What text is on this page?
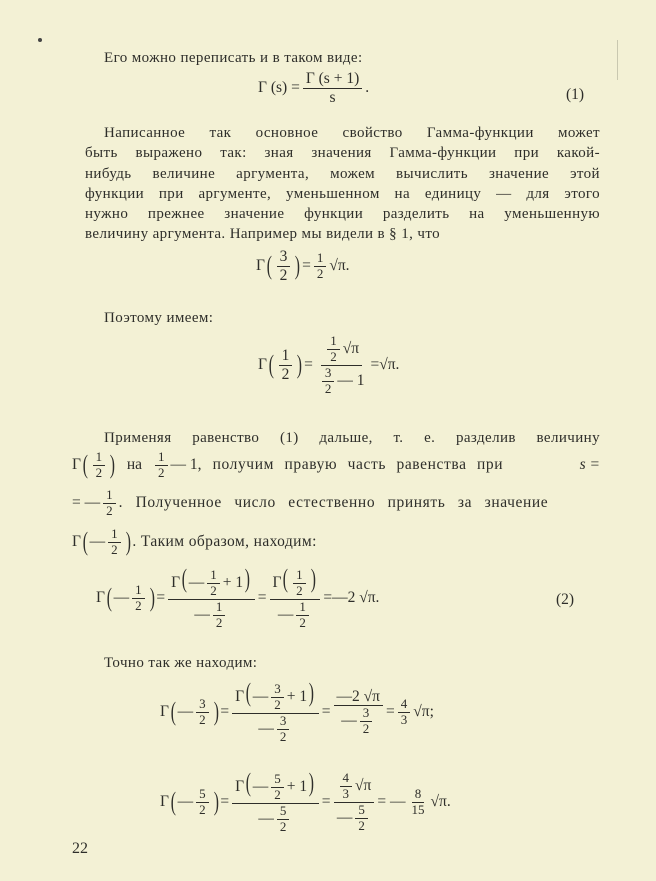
Его можно переписать и в таком виде:
Γ $(s) = \frac{\Gamma (s + 1)}{s}$ .	(1)
Написанное так основное свойство Гамма-функции может
быть выражено так: зная значения Гамма-функции при какой-
нибудь величине аргумента, можем вычислить значение этой
функции при аргументе, уменьшенном на единицу — для этого
нужно прежнее значение функции разделить на уменьшенную
величину аргумента. Например мы видели в § 1, что
Γ ( $\frac{3}{2}$ ) = $\frac{1}{2} √\pi$ .
Поэтому имеем:
Γ ( $\frac{1}{2}$ ) = $\frac{\frac{1}{2} √\pi}{\frac{3}{2} — 1} = √\pi$ .
Применяя равенство (1) дальше, т. е. разделив величину
Γ ( $\frac{1}{2}$ ) на $\frac{1}{2}$ — 1 , получим правую часть равенства при	s =
= — $\frac{1}{2}$ . Полученное число естественно принять за значение
Γ ( — $\frac{1}{2}$ ) . Таким образом, находим:
Γ ( — $\frac{1}{2}$ ) = $\frac{\Gamma( — \frac{1}{2} + 1)}{— \frac{1}{2}} = \frac{\Gamma( \frac{1}{2} )}{— \frac{1}{2}}$ = —2 √π .	(2)
Точно так же находим:
Γ ( — $\frac{3}{2}$ ) = $\frac{\Gamma( — \frac{3}{2} + 1)}{— \frac{3}{2}} = \frac{—2 √\pi}{— \frac{3}{2}} = \frac{4}{3} √\pi$ ;
Γ ( — $\frac{5}{2}$ ) = $\frac{\Gamma( — \frac{5}{2} + 1)}{— \frac{5}{2}} = \frac{\frac{4}{3} √\pi}{— \frac{5}{2}}$ = — $\frac{8}{15} √\pi$ .
22
